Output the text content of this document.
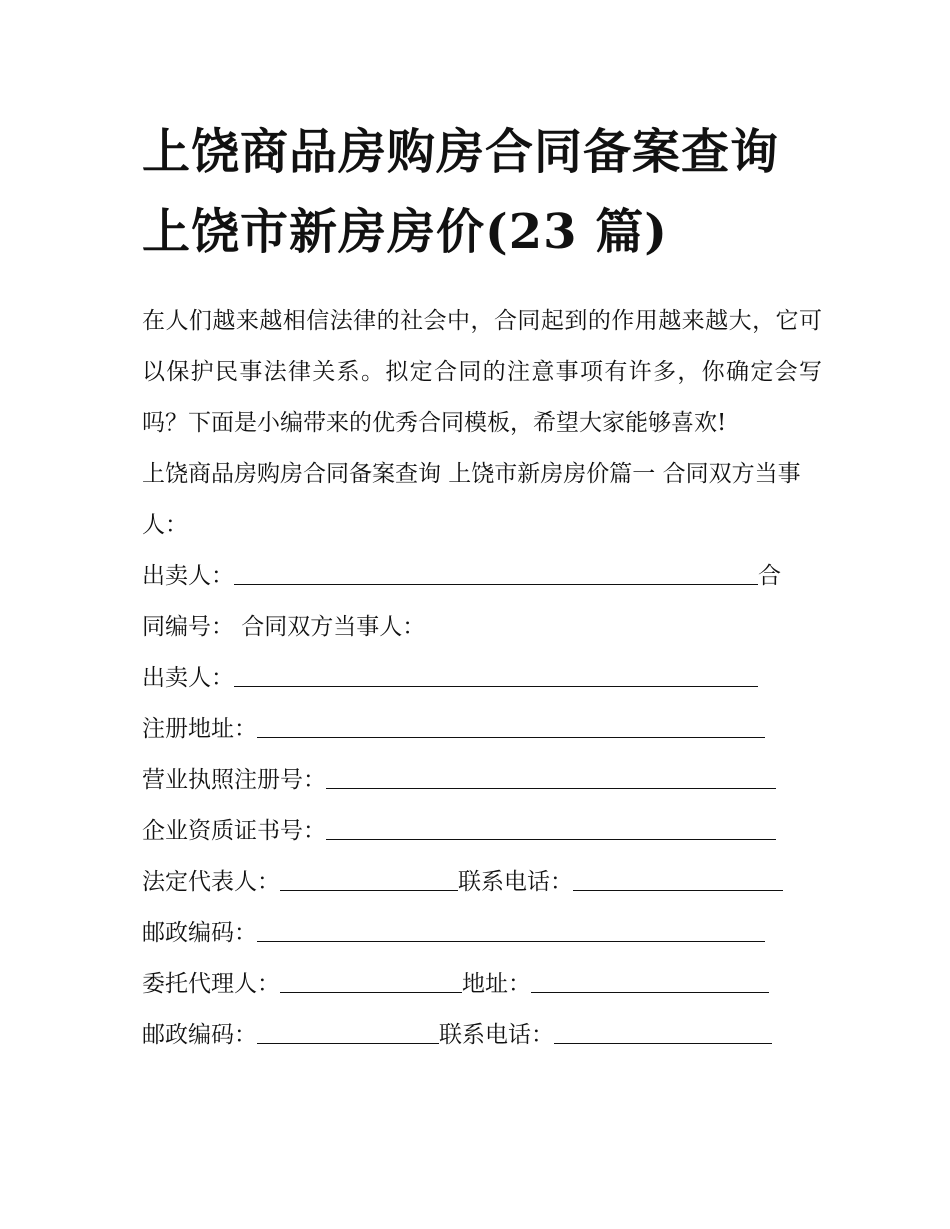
上饶商品房购房合同备案查询
上饶市新房房价(23 篇)
在人们越来越相信法律的社会中，合同起到的作用越来越大，它可以保护民事法律关系。拟定合同的注意事项有许多，你确定会写吗？下面是小编带来的优秀合同模板，希望大家能够喜欢!
上饶商品房购房合同备案查询 上饶市新房房价篇一 合同双方当事人：
出卖人：	合
同编号： 合同双方当事人：
出卖人：
注册地址：
营业执照注册号：
企业资质证书号：
法定代表人：	联系电话：
邮政编码：
委托代理人：	地址：
邮政编码：	联系电话：
